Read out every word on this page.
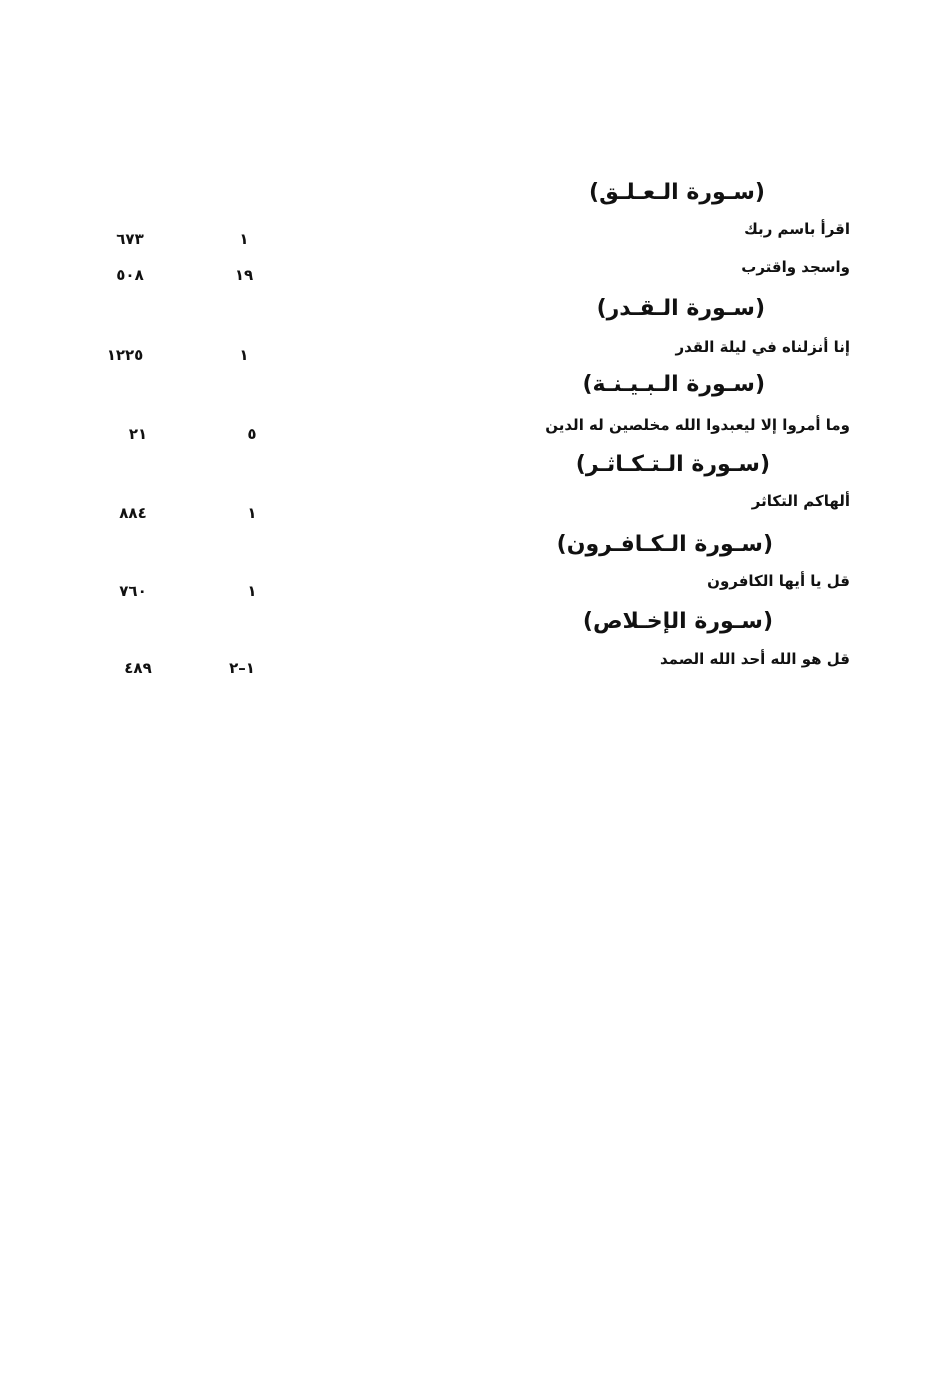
(سـورة الـعـلـق)
اقرأ باسم ربك
١
٦٧٣
واسجد واقترب
١٩
٥٠٨
(سـورة الـقـدر)
إنا أنزلناه في ليلة القدر
١
١٢٢٥
(سـورة الـبـيـنـة)
وما أمروا إلا ليعبدوا الله مخلصين له الدين
٥
٢١
(سـورة الـتـكـاثـر)
ألهاكم التكاثر
١
٨٨٤
(سـورة الـكـافـرون)
قل يا أيها الكافرون
١
٧٦٠
(سـورة الإخـلاص)
قل هو الله أحد الله الصمد
١–٢
٤٨٩
